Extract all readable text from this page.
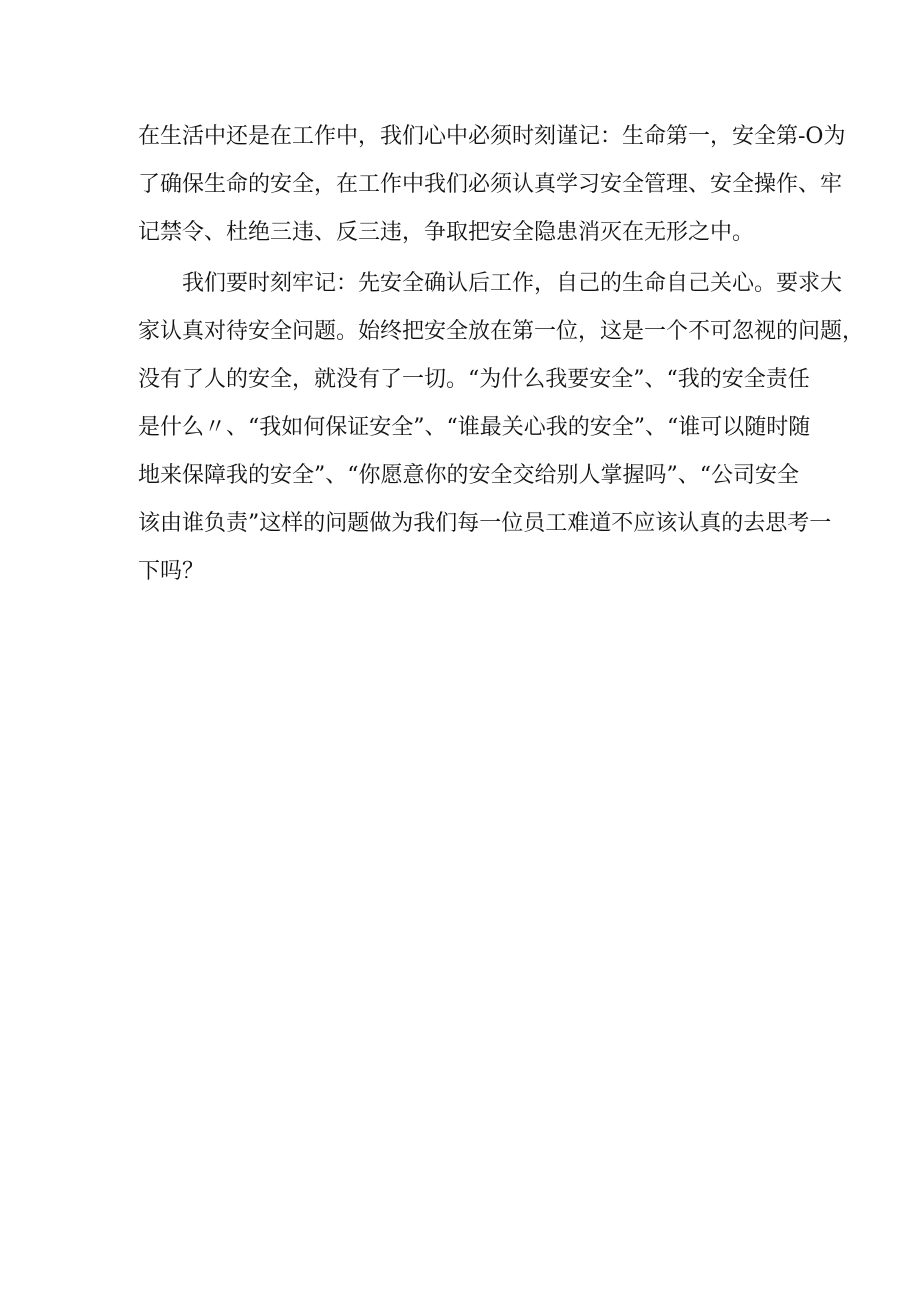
在生活中还是在工作中，我们心中必须时刻谨记：生命第一，安全第-O为
了确保生命的安全，在工作中我们必须认真学习安全管理、安全操作、牢
记禁令、杜绝三违、反三违，争取把安全隐患消灭在无形之中。
我们要时刻牢记：先安全确认后工作，自己的生命自己关心。要求大
家认真对待安全问题。始终把安全放在第一位，这是一个不可忽视的问题，
没有了人的安全，就没有了一切。“为什么我要安全”、“我的安全责任
是什么〃、“我如何保证安全”、“谁最关心我的安全”、“谁可以随时随
地来保障我的安全”、“你愿意你的安全交给别人掌握吗”、“公司安全
该由谁负责”这样的问题做为我们每一位员工难道不应该认真的去思考一
下吗？
